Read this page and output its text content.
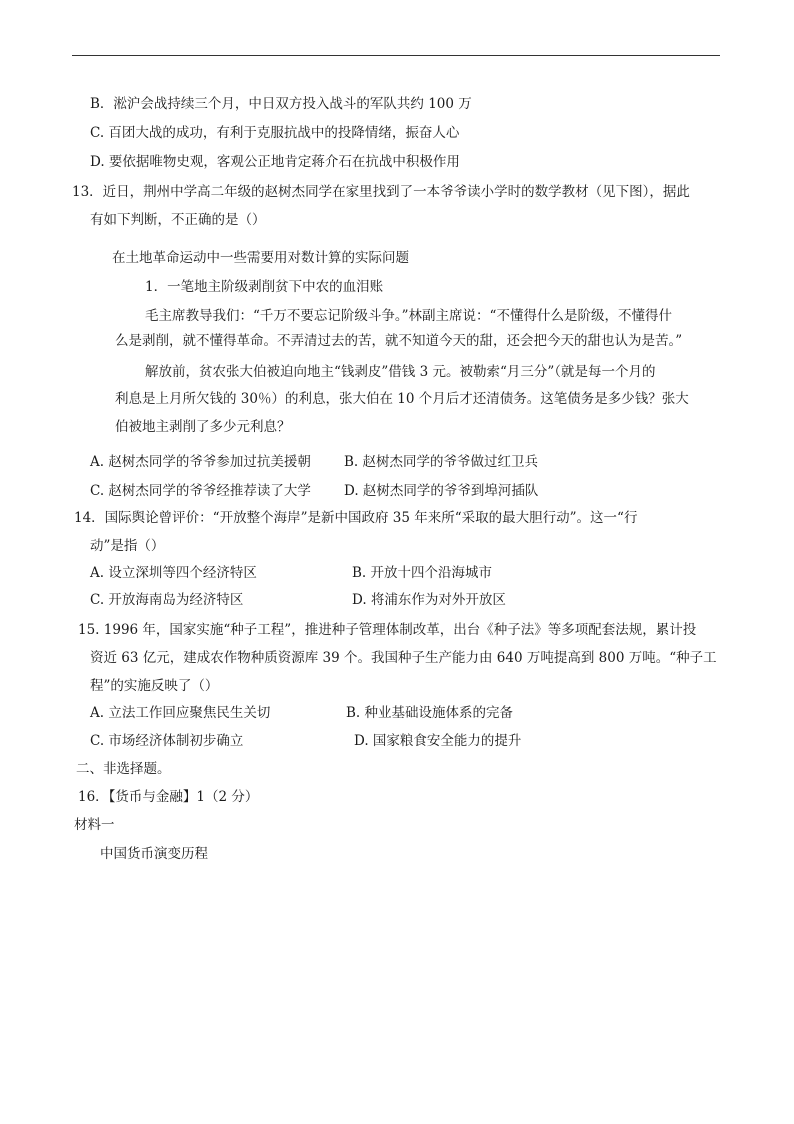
B．淞沪会战持续三个月，中日双方投入战斗的军队共约 100 万
C. 百团大战的成功，有利于克服抗战中的投降情绪，振奋人心
D. 要依据唯物史观，客观公正地肯定蒋介石在抗战中积极作用
13．近日，荆州中学高二年级的赵树杰同学在家里找到了一本爷爷读小学时的数学教材（见下图），据此
有如下判断，不正确的是（）
在土地革命运动中一些需要用对数计算的实际问题
1．一笔地主阶级剥削贫下中农的血泪账
毛主席教导我们：“千万不要忘记阶级斗争。”林副主席说：“不懂得什么是阶级，不懂得什
么是剥削，就不懂得革命。不弄清过去的苦，就不知道今天的甜，还会把今天的甜也认为是苦。”
解放前，贫农张大伯被迫向地主“钱剥皮”借钱 3 元。被勒索“月三分”（就是每一个月的
利息是上月所欠钱的 30％）的利息，张大伯在 10 个月后才还清债务。这笔债务是多少钱？张大
伯被地主剥削了多少元利息？
A. 赵树杰同学的爷爷参加过抗美援朝 B. 赵树杰同学的爷爷做过红卫兵
C. 赵树杰同学的爷爷经推荐读了大学 D. 赵树杰同学的爷爷到埠河插队
14．国际舆论曾评价：“开放整个海岸”是新中国政府 35 年来所“采取的最大胆行动”。这一“行
动”是指（）
A. 设立深圳等四个经济特区	B. 开放十四个沿海城市
C. 开放海南岛为经济特区	D. 将浦东作为对外开放区
15. 1996 年，国家实施“种子工程”，推进种子管理体制改革，出台《种子法》等多项配套法规，累计投
资近 63 亿元，建成农作物种质资源库 39 个。我国种子生产能力由 640 万吨提高到 800 万吨。“种子工
程”的实施反映了（）
A. 立法工作回应聚焦民生关切	B. 种业基础设施体系的完备
C. 市场经济体制初步确立	D. 国家粮食安全能力的提升
二、非选择题。
16．【货币与金融】1（2 分）
材料一
中国货币演变历程
